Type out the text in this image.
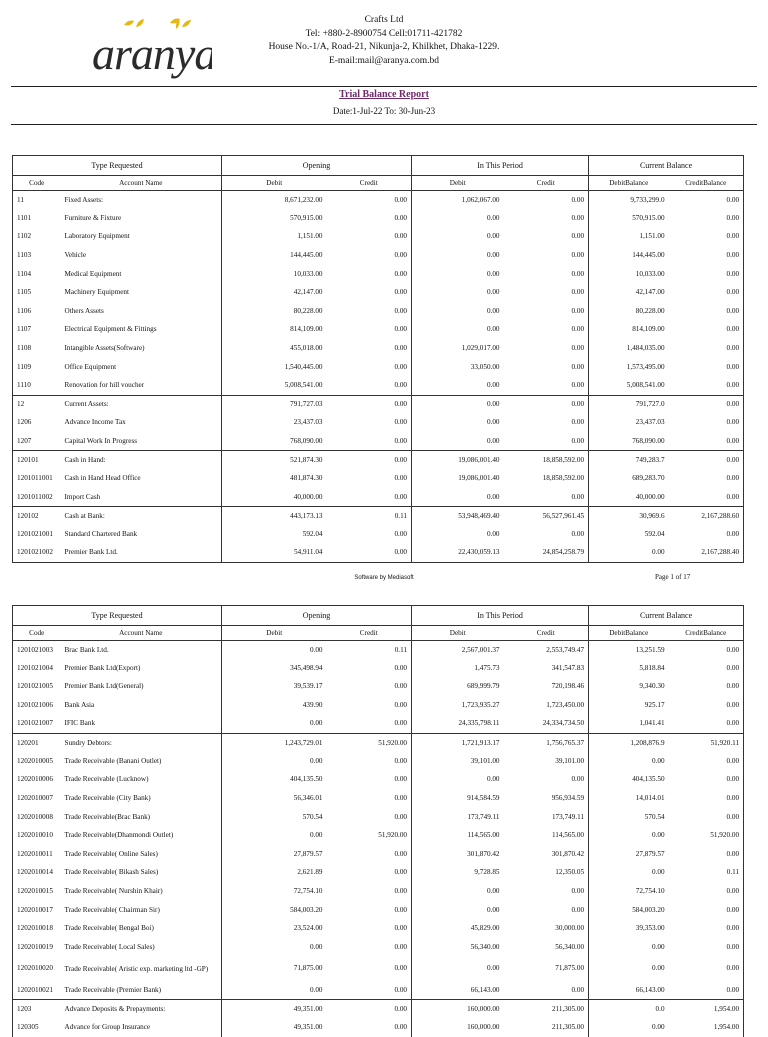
aranya
Crafts Ltd
Tel: +880-2-8900754 Cell:01711-421782
House No.-1/A, Road-21, Nikunja-2, Khilkhet, Dhaka-1229.
E-mail:mail@aranya.com.bd
Trial Balance Report
Date:1-Jul-22 To: 30-Jun-23
Type Requested		Opening		In This Period		Current Balance	
Code	Account Name	Debit	Credit	Debit	Credit	DebitBalance	CreditBalance
11	Fixed Assets:	8,671,232.00	0.00	1,062,067.00	0.00	9,733,299.0	0.00
1101	Furniture & Fixture	570,915.00	0.00	0.00	0.00	570,915.00	0.00
1102	Laboratory Equipment	1,151.00	0.00	0.00	0.00	1,151.00	0.00
1103	Vehicle	144,445.00	0.00	0.00	0.00	144,445.00	0.00
1104	Medical Equipment	10,033.00	0.00	0.00	0.00	10,033.00	0.00
1105	Machinery Equipment	42,147.00	0.00	0.00	0.00	42,147.00	0.00
1106	Others Assets	80,228.00	0.00	0.00	0.00	80,228.00	0.00
1107	Electrical Equipment & Fittings	814,109.00	0.00	0.00	0.00	814,109.00	0.00
1108	Intangible Assets(Software)	455,018.00	0.00	1,029,017.00	0.00	1,484,035.00	0.00
1109	Office Equipment	1,540,445.00	0.00	33,050.00	0.00	1,573,495.00	0.00
1110	Renovation for hill voucher	5,008,541.00	0.00	0.00	0.00	5,008,541.00	0.00
12	Current Assets:	791,727.03	0.00	0.00	0.00	791,727.0	0.00
1206	Advance Income Tax	23,437.03	0.00	0.00	0.00	23,437.03	0.00
1207	Capital Work In Progress	768,090.00	0.00	0.00	0.00	768,090.00	0.00
120101	Cash in Hand:	521,874.30	0.00	19,086,001.40	18,858,592.00	749,283.7	0.00
1201011001	Cash in Hand Head Office	481,874.30	0.00	19,086,001.40	18,858,592.00	689,283.70	0.00
1201011002	Import Cash	40,000.00	0.00	0.00	0.00	40,000.00	0.00
120102	Cash at Bank:	443,173.13	0.11	53,948,469.40	56,527,961.45	30,969.6	2,167,288.60
1201021001	Standard Chartered Bank	592.04	0.00	0.00	0.00	592.04	0.00
1201021002	Premier Bank Ltd.	54,911.04	0.00	22,430,059.13	24,854,258.79	0.00	2,167,288.40
Software by Mediasoft	Page 1 of 17
Type Requested		Opening		In This Period		Current Balance	
Code	Account Name	Debit	Credit	Debit	Credit	DebitBalance	CreditBalance
1201021003	Brac Bank Ltd.	0.00	0.11	2,567,001.37	2,553,749.47	13,251.59	0.00
1201021004	Premier Bank Ltd(Export)	345,498.94	0.00	1,475.73	341,547.83	5,818.84	0.00
1201021005	Premier Bank Ltd(General)	39,539.17	0.00	689,999.79	720,198.46	9,340.30	0.00
1201021006	Bank Asia	439.90	0.00	1,723,935.27	1,723,450.00	925.17	0.00
1201021007	IFIC Bank	0.00	0.00	24,335,798.11	24,334,734.50	1,041.41	0.00
120201	Sundry Debtors:	1,243,729.01	51,920.00	1,721,913.17	1,756,765.37	1,208,876.9	51,920.11
1202010005	Trade Receivable (Banani Outlet)	0.00	0.00	39,101.00	39,101.00	0.00	0.00
1202010006	Trade Receivable (Lucknow)	404,135.50	0.00	0.00	0.00	404,135.50	0.00
1202010007	Trade Receivable (City Bank)	56,346.01	0.00	914,584.59	956,934.59	14,014.01	0.00
1202010008	Trade Receivable(Brac Bank)	570.54	0.00	173,749.11	173,749.11	570.54	0.00
1202010010	Trade Receivable(Dhanmondi Outlet)	0.00	51,920.00	114,565.00	114,565.00	0.00	51,920.00
1202010011	Trade Receivable( Online Sales)	27,879.57	0.00	301,870.42	301,870.42	27,879.57	0.00
1202010014	Trade Receivable( Bikash Sales)	2,621.89	0.00	9,728.85	12,350.05	0.00	0.11
1202010015	Trade Receivable( Nurshin Khair)	72,754.10	0.00	0.00	0.00	72,754.10	0.00
1202010017	Trade Receivable( Chairman Sir)	584,003.20	0.00	0.00	0.00	584,003.20	0.00
1202010018	Trade Receivable( Bengal Boi)	23,524.00	0.00	45,829.00	30,000.00	39,353.00	0.00
1202010019	Trade Receivable( Local Sales)	0.00	0.00	56,340.00	56,340.00	0.00	0.00
1202010020	Trade Receivable( Aristic exp. marketing ltd -GP)	71,875.00	0.00	0.00	71,875.00	0.00	0.00
1202010021	Trade Receivable (Premier Bank)	0.00	0.00	66,143.00	0.00	66,143.00	0.00
1203	Advance Deposits & Prepayments:	49,351.00	0.00	160,000.00	211,305.00	0.0	1,954.00
120305	Advance for Group Insurance	49,351.00	0.00	160,000.00	211,305.00	0.00	1,954.00
